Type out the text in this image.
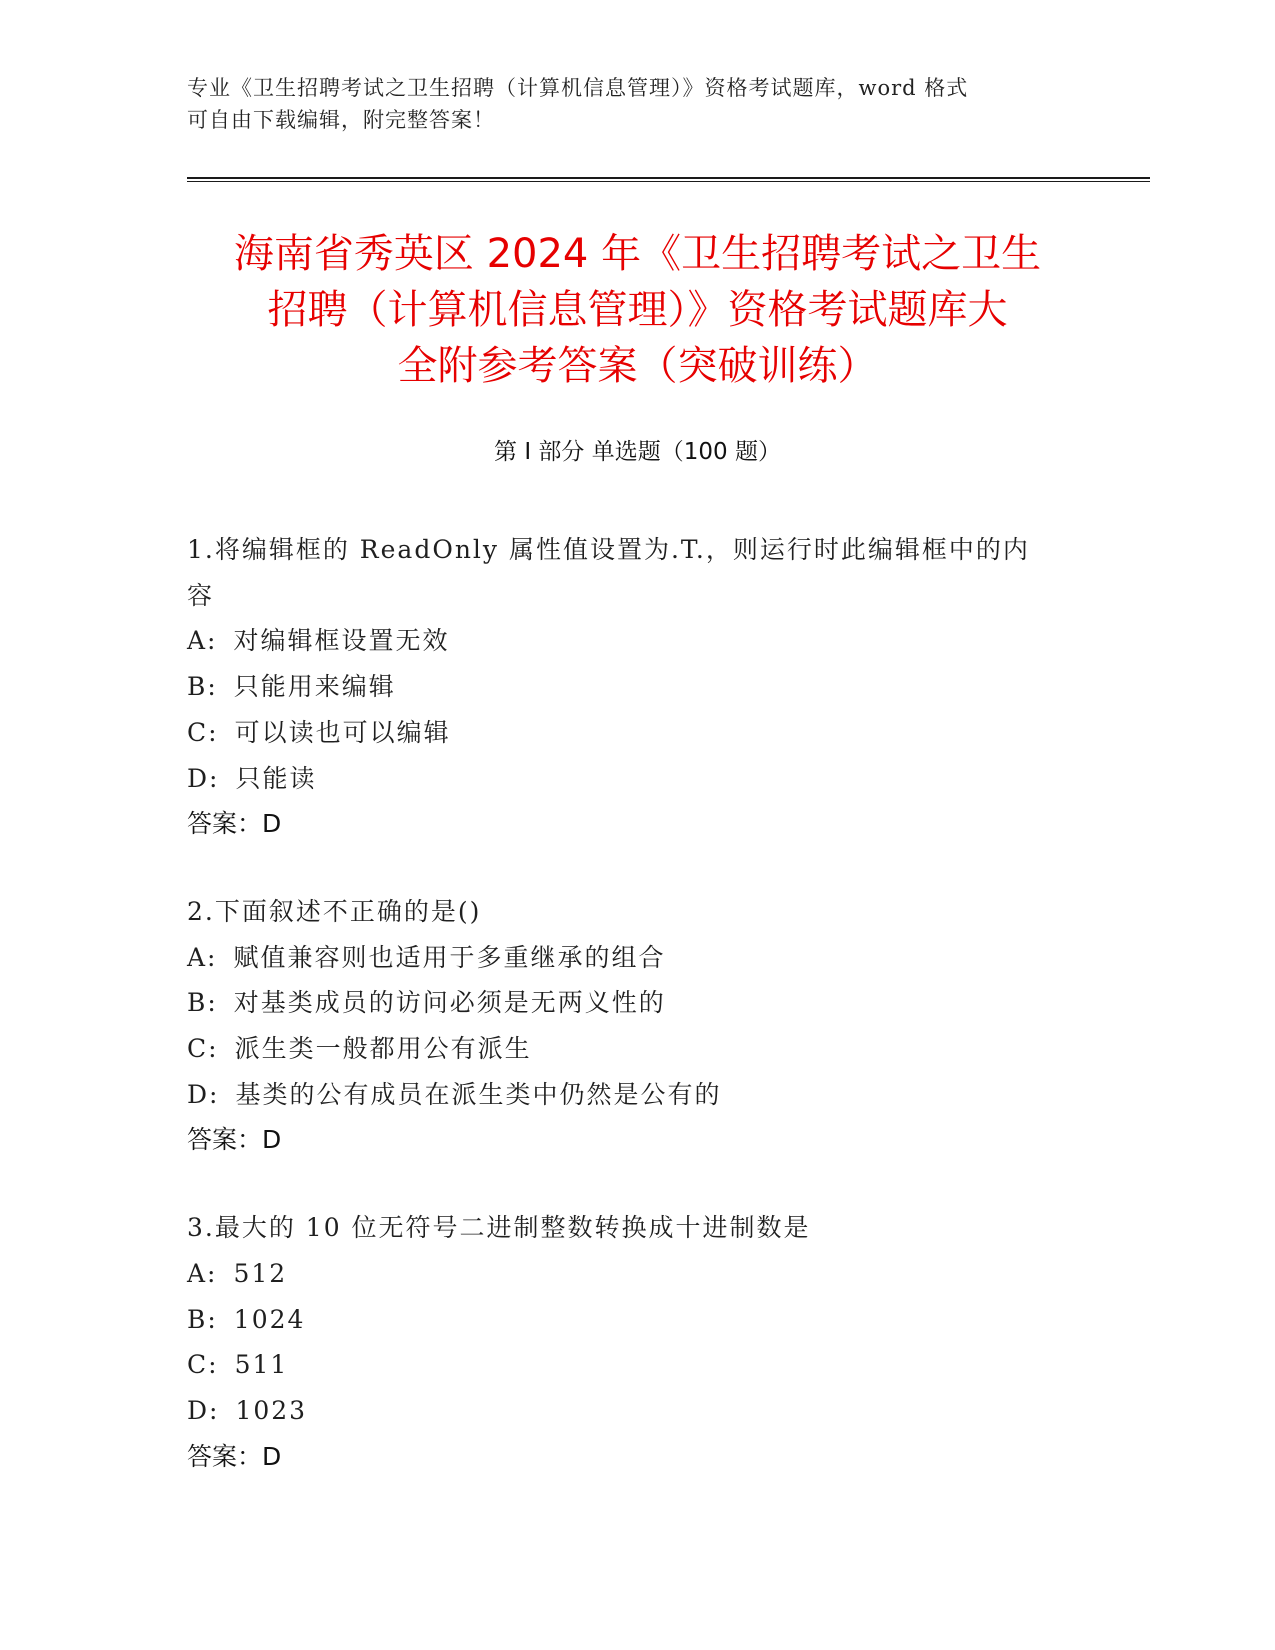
专业《卫生招聘考试之卫生招聘（计算机信息管理）》资格考试题库，word 格式
可自由下载编辑，附完整答案！
海南省秀英区 2024 年《卫生招聘考试之卫生
招聘（计算机信息管理）》资格考试题库大
全附参考答案（突破训练）
第 I 部分 单选题（100 题）
1.将编辑框的 ReadOnly 属性值设置为.T.，则运行时此编辑框中的内
容
A: 对编辑框设置无效
B: 只能用来编辑
C: 可以读也可以编辑
D: 只能读
答案：D
2.下面叙述不正确的是()
A: 赋值兼容则也适用于多重继承的组合
B: 对基类成员的访问必须是无两义性的
C: 派生类一般都用公有派生
D: 基类的公有成员在派生类中仍然是公有的
答案：D
3.最大的 10 位无符号二进制整数转换成十进制数是
A: 512
B: 1024
C: 511
D: 1023
答案：D
